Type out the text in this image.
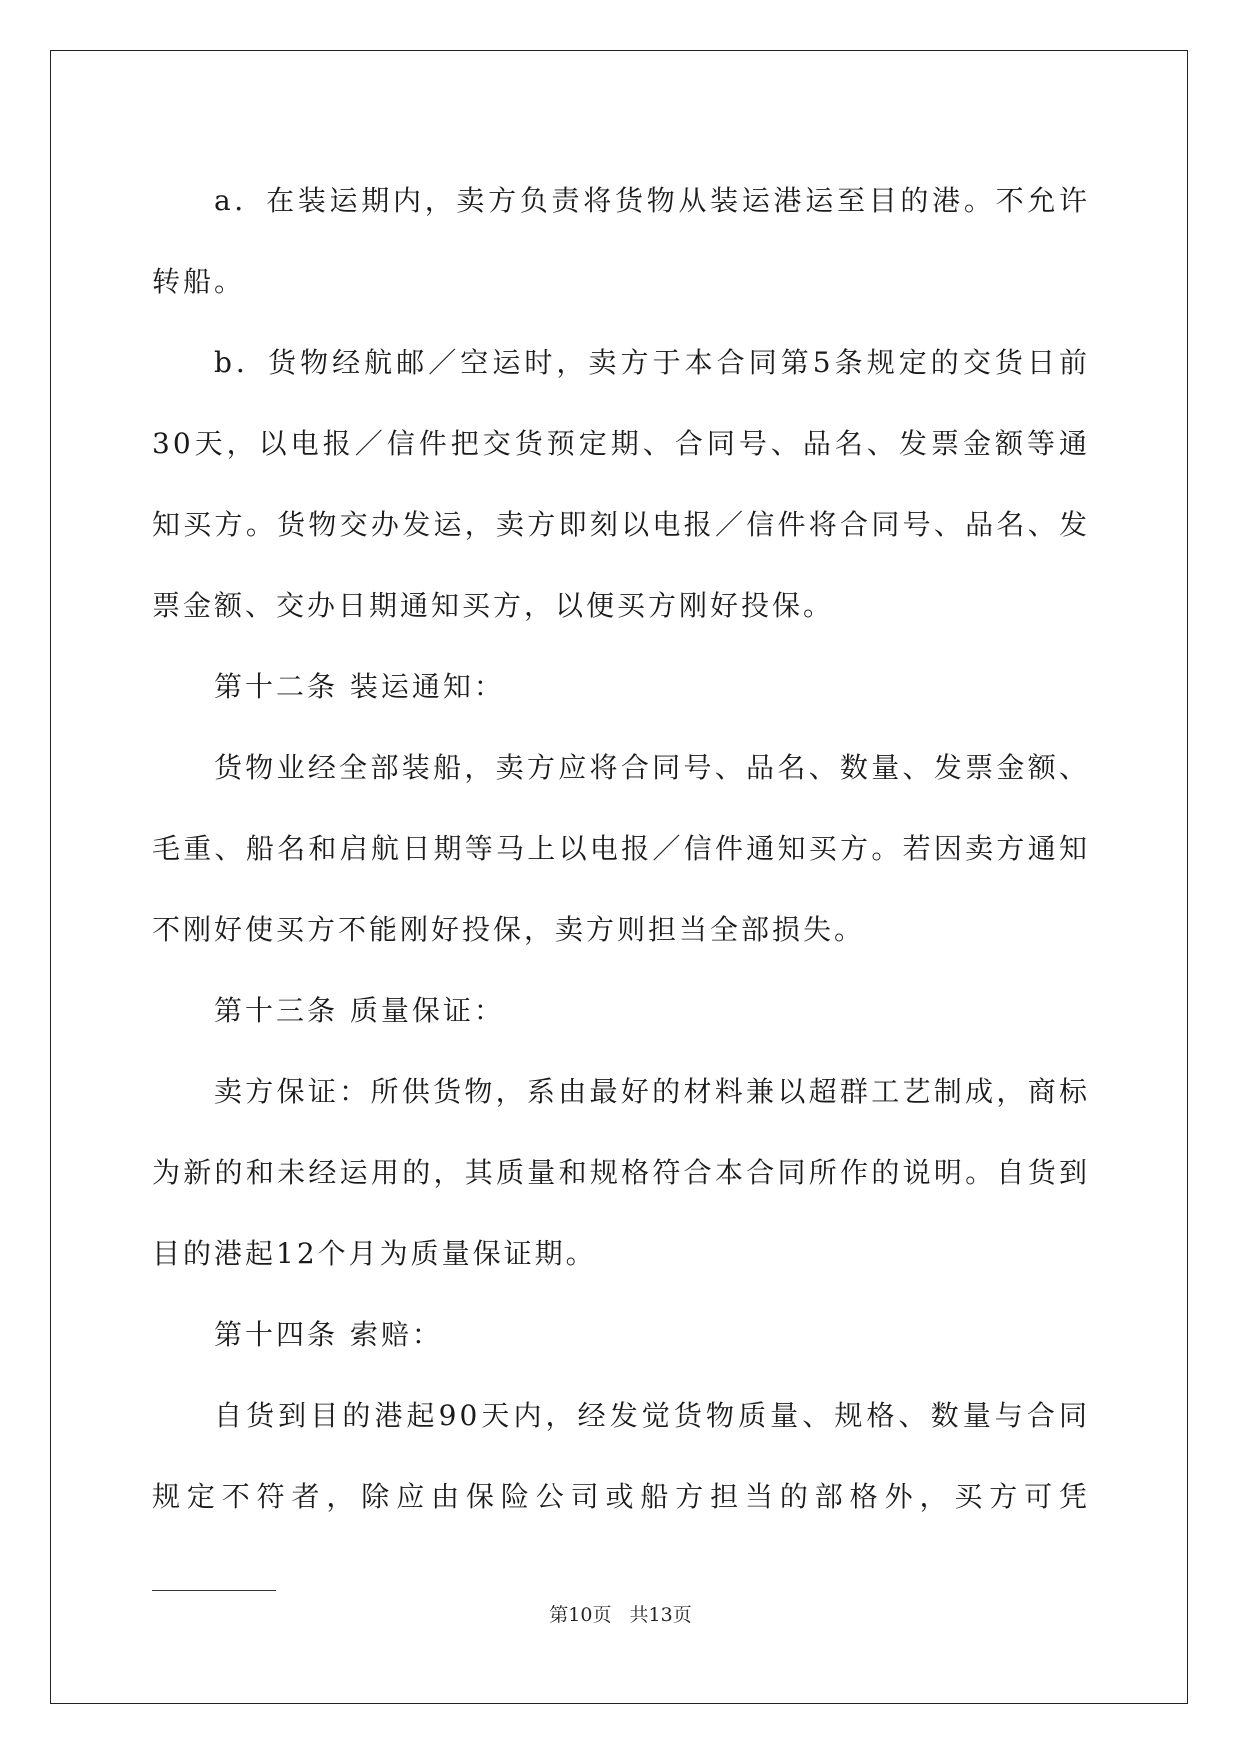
a．在装运期内，卖方负责将货物从装运港运至目的港。不允许转船。

b．货物经航邮／空运时，卖方于本合同第5条规定的交货日前30天，以电报／信件把交货预定期、合同号、品名、发票金额等通知买方。货物交办发运，卖方即刻以电报／信件将合同号、品名、发票金额、交办日期通知买方，以便买方刚好投保。

第十二条 装运通知：

货物业经全部装船，卖方应将合同号、品名、数量、发票金额、毛重、船名和启航日期等马上以电报／信件通知买方。若因卖方通知不刚好使买方不能刚好投保，卖方则担当全部损失。

第十三条 质量保证：

卖方保证：所供货物，系由最好的材料兼以超群工艺制成，商标为新的和未经运用的，其质量和规格符合本合同所作的说明。自货到目的港起12个月为质量保证期。

第十四条 索赔：

自货到目的港起90天内，经发觉货物质量、规格、数量与合同规定不符者，除应由保险公司或船方担当的部格外，买方可凭

第10页 共13页
